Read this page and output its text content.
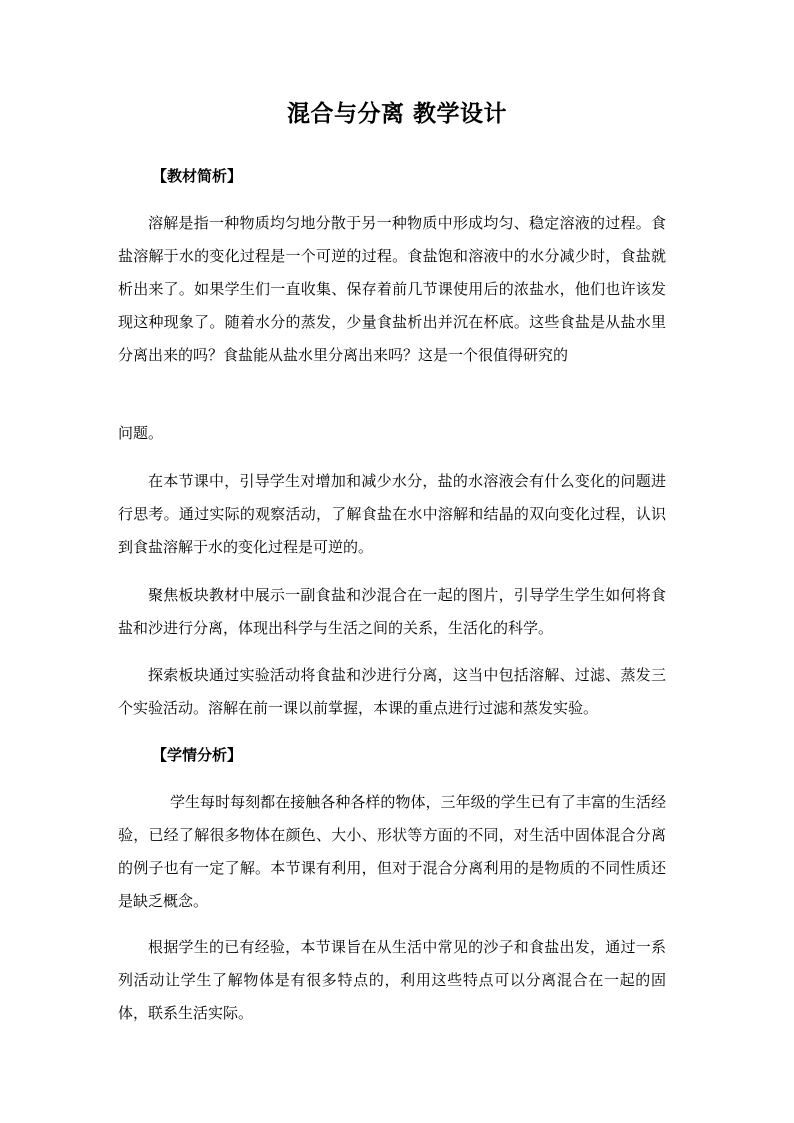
混合与分离 教学设计
【教材简析】

溶解是指一种物质均匀地分散于另一种物质中形成均匀、稳定溶液的过程。食盐溶解于水的变化过程是一个可逆的过程。食盐饱和溶液中的水分减少时，食盐就析出来了。如果学生们一直收集、保存着前几节课使用后的浓盐水，他们也许该发现这种现象了。随着水分的蒸发，少量食盐析出并沉在杯底。这些食盐是从盐水里分离出来的吗？食盐能从盐水里分离出来吗？这是一个很值得研究的

问题。

在本节课中，引导学生对增加和减少水分，盐的水溶液会有什么变化的问题进行思考。通过实际的观察活动，了解食盐在水中溶解和结晶的双向变化过程，认识到食盐溶解于水的变化过程是可逆的。

聚焦板块教材中展示一副食盐和沙混合在一起的图片，引导学生学生如何将食盐和沙进行分离，体现出科学与生活之间的关系，生活化的科学。

探索板块通过实验活动将食盐和沙进行分离，这当中包括溶解、过滤、蒸发三个实验活动。溶解在前一课以前掌握，本课的重点进行过滤和蒸发实验。

【学情分析】

学生每时每刻都在接触各种各样的物体，三年级的学生已有了丰富的生活经验，已经了解很多物体在颜色、大小、形状等方面的不同，对生活中固体混合分离的例子也有一定了解。本节课有利用，但对于混合分离利用的是物质的不同性质还是缺乏概念。

根据学生的已有经验，本节课旨在从生活中常见的沙子和食盐出发，通过一系列活动让学生了解物体是有很多特点的，利用这些特点可以分离混合在一起的固体，联系生活实际。
